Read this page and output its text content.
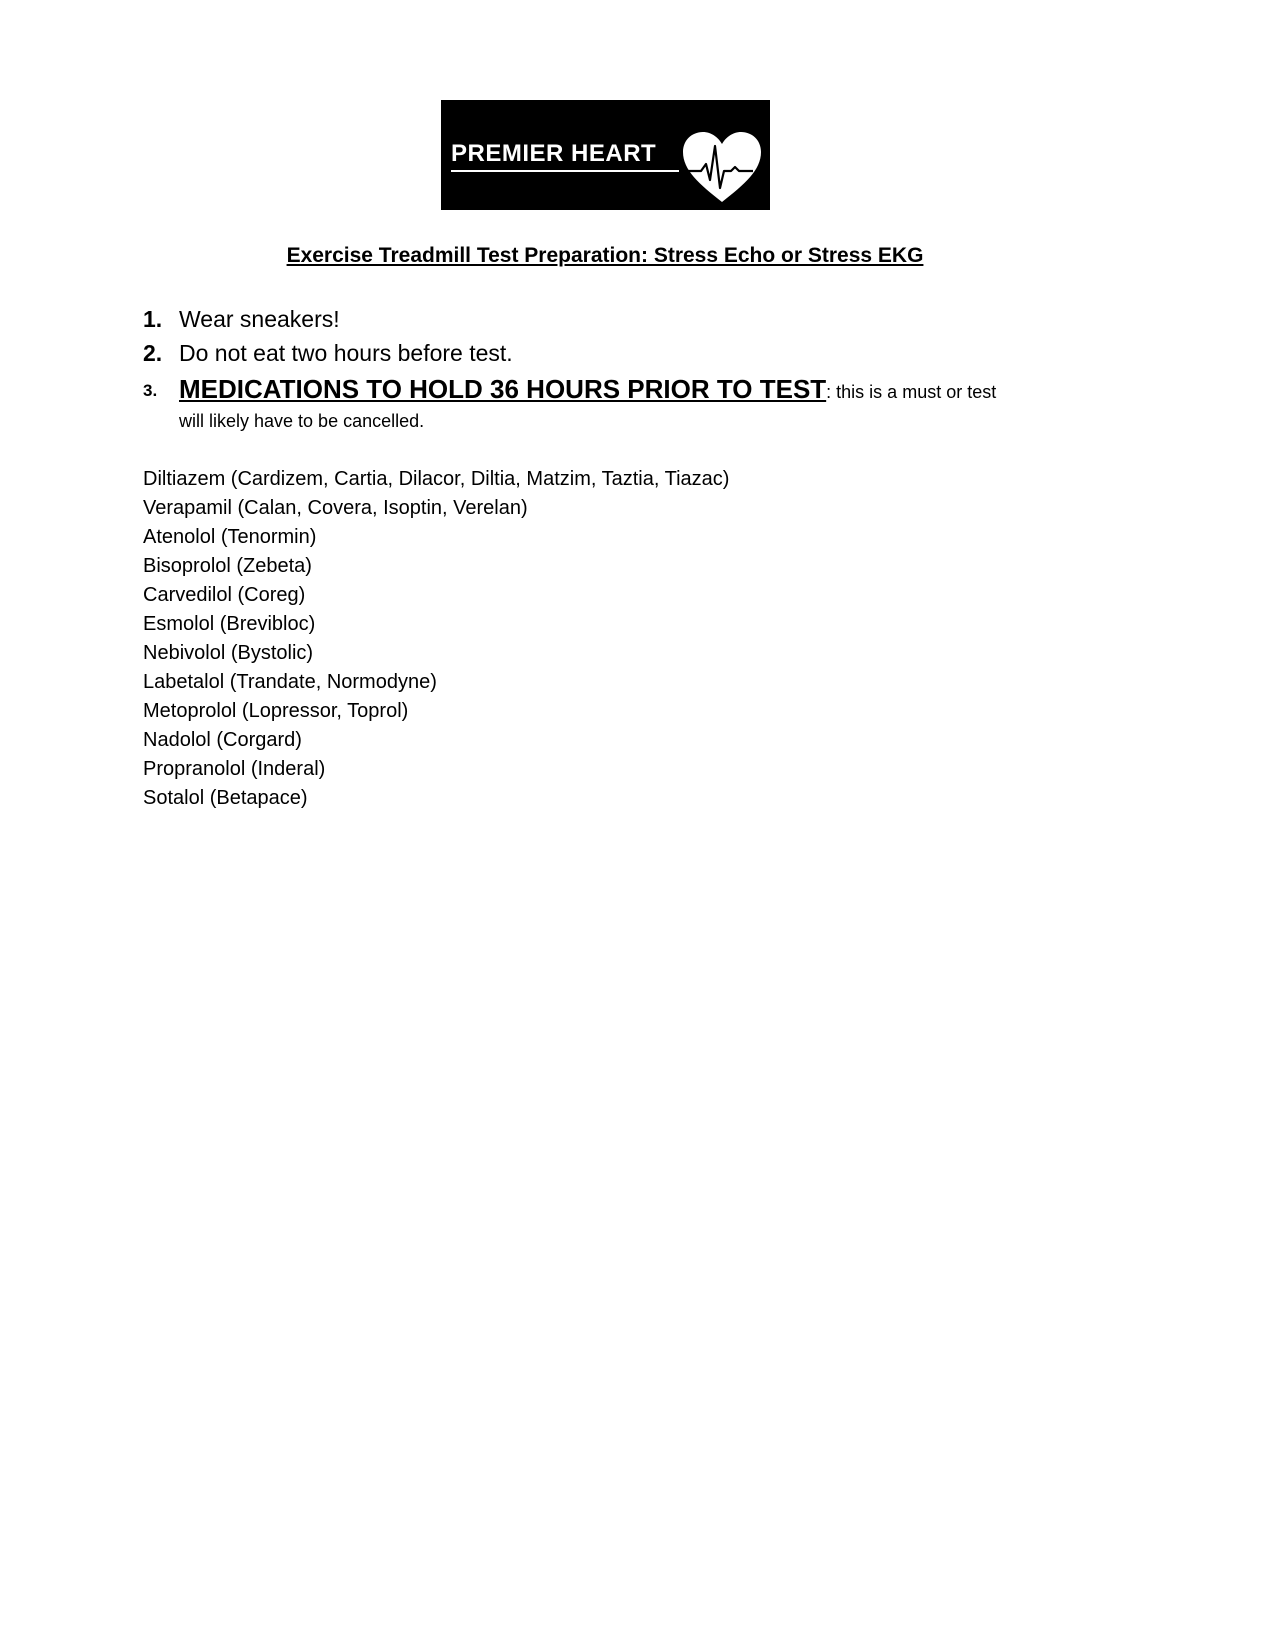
PREMIER HEART
Exercise Treadmill Test Preparation: Stress Echo or Stress EKG
1. Wear sneakers!
2. Do not eat two hours before test.
3. MEDICATIONS TO HOLD 36 HOURS PRIOR TO TEST: this is a must or test
will likely have to be cancelled.
Diltiazem (Cardizem, Cartia, Dilacor, Diltia, Matzim, Taztia, Tiazac)
Verapamil (Calan, Covera, Isoptin, Verelan)
Atenolol (Tenormin)
Bisoprolol (Zebeta)
Carvedilol (Coreg)
Esmolol (Brevibloc)
Nebivolol (Bystolic)
Labetalol (Trandate, Normodyne)
Metoprolol (Lopressor, Toprol)
Nadolol (Corgard)
Propranolol (Inderal)
Sotalol (Betapace)
